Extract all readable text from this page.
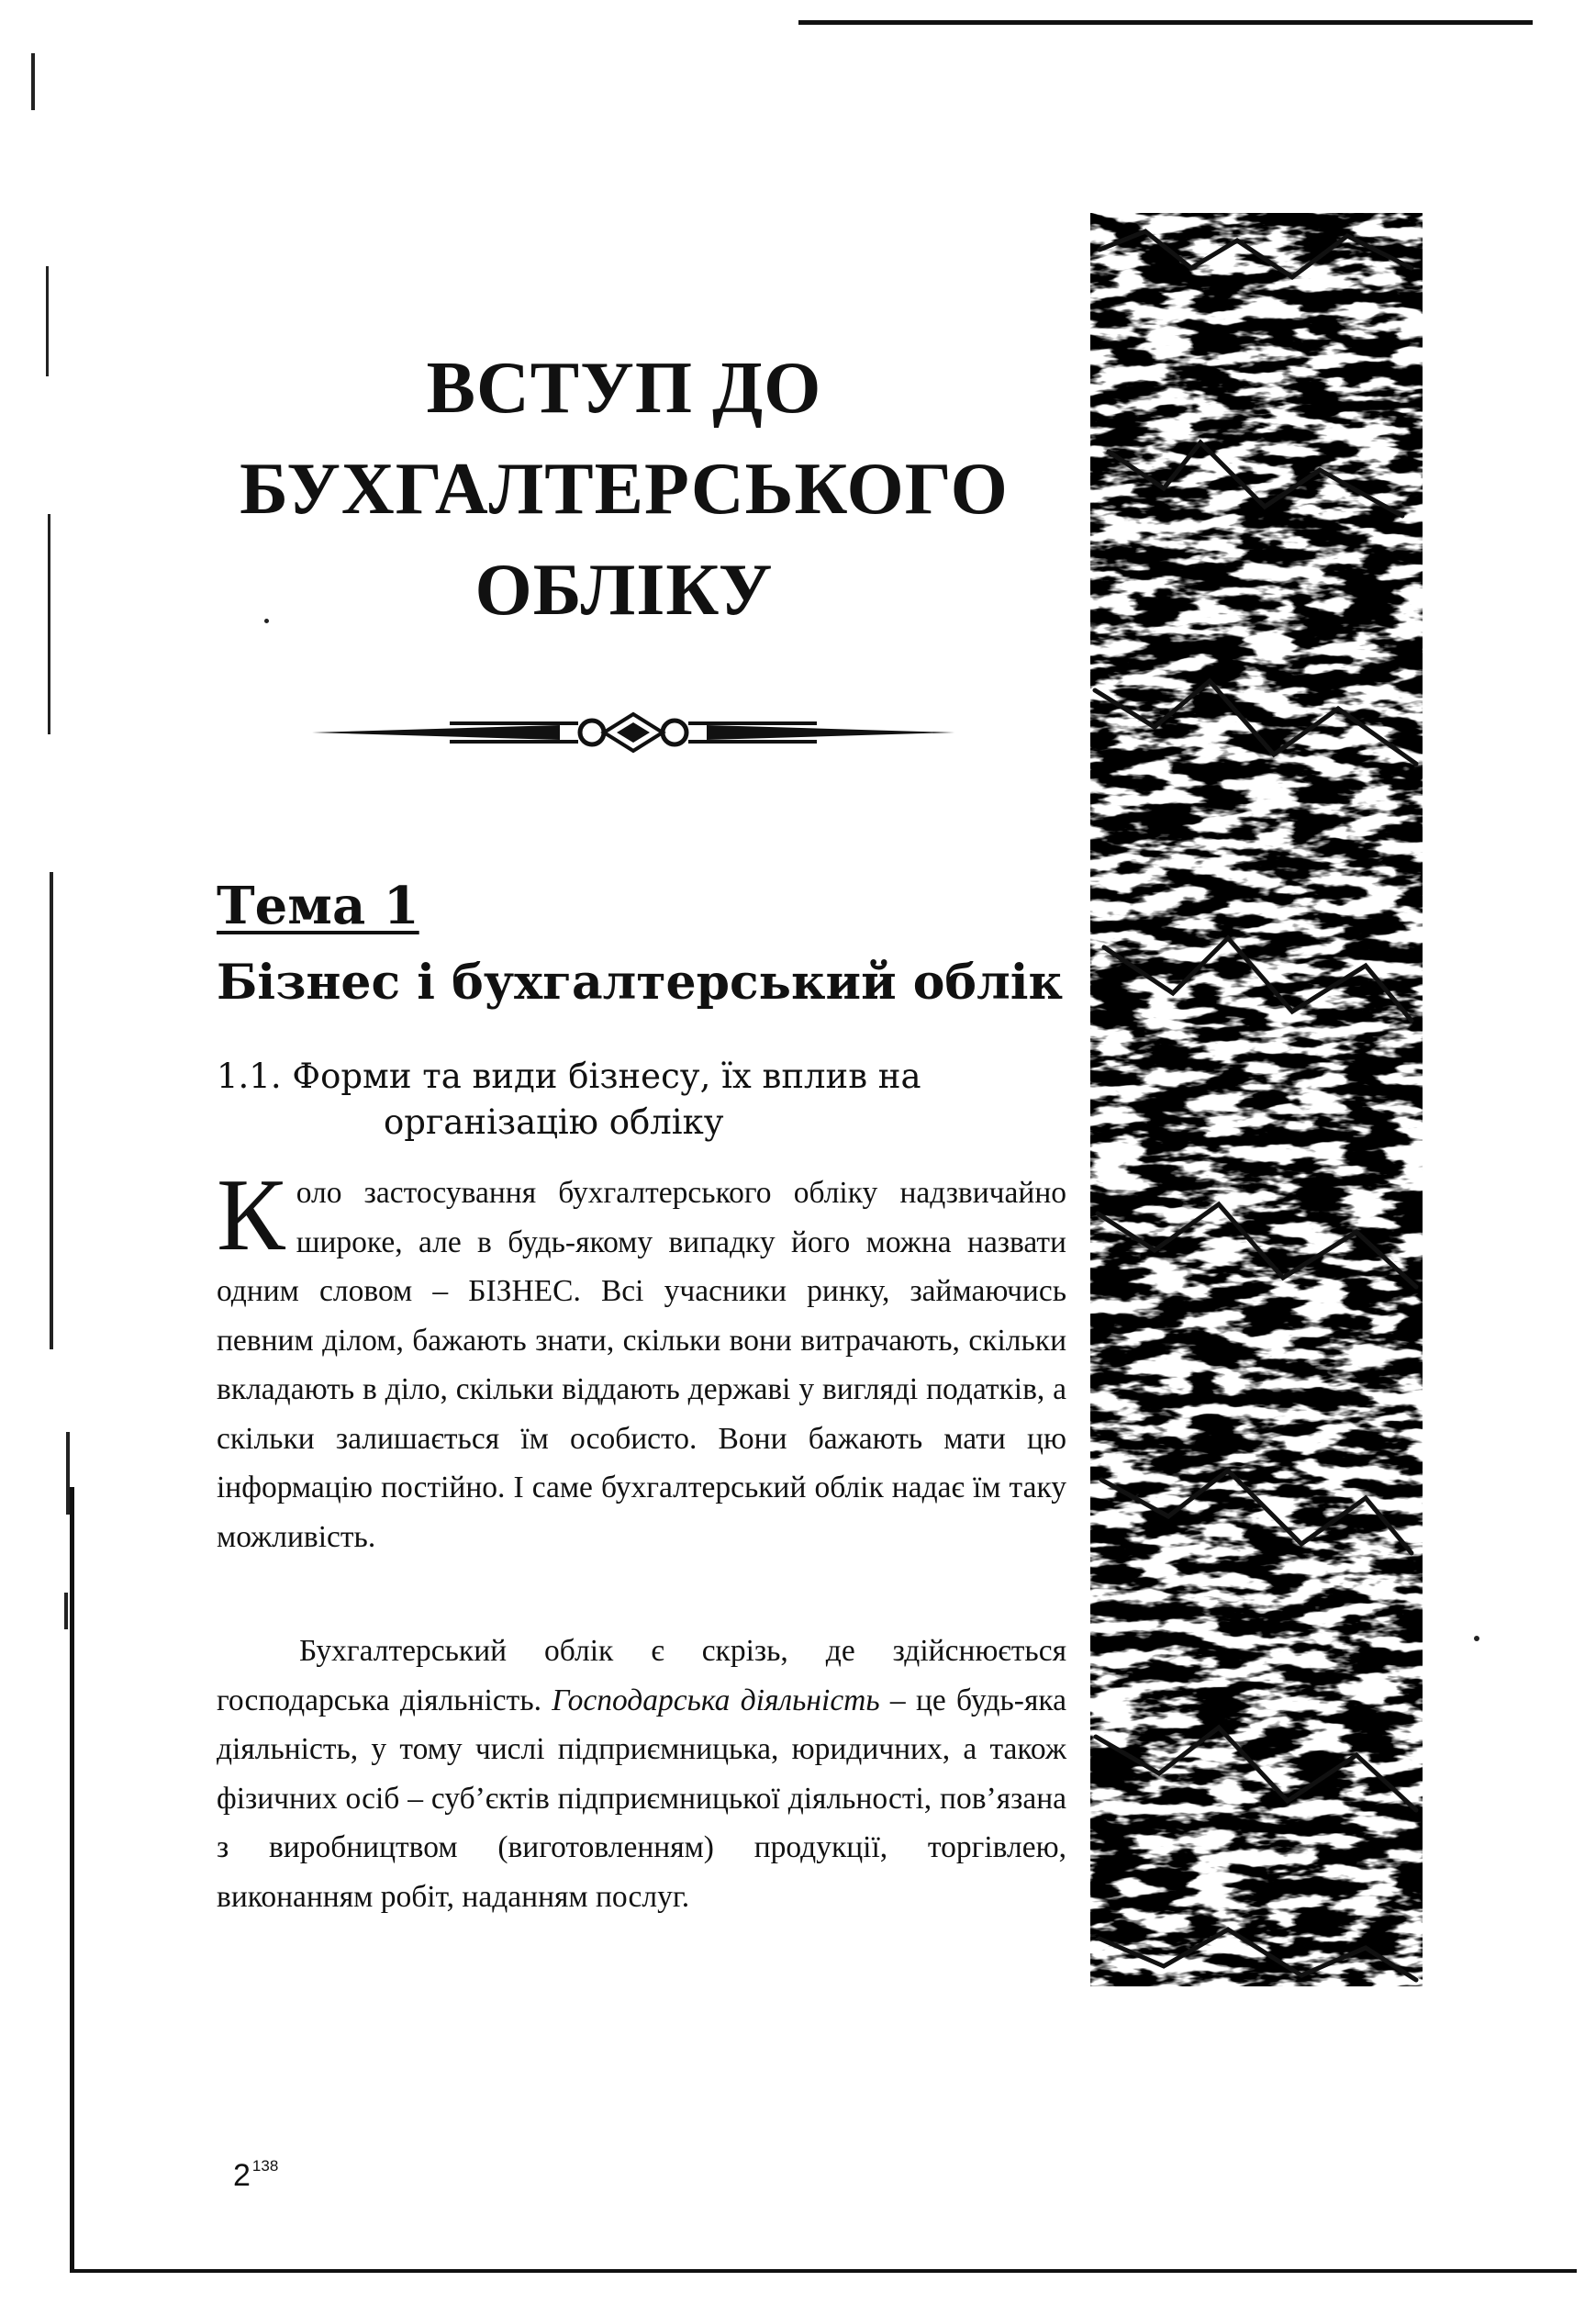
ВСТУП ДО
БУХГАЛТЕРСЬКОГО
ОБЛІКУ
Тема 1
Бізнес і бухгалтерський облік
1.1. Форми та види бізнесу, їх вплив на
організацію обліку

К оло застосування бухгалтерського обліку надзвичайно широке, але в будь-якому випадку його можна назвати одним словом – БІЗНЕС. Всі учасники ринку, займаючись певним ділом, бажають знати, скільки вони витрачають, скільки вкладають в діло, скільки віддають державі у вигляді податків, а скільки залишається їм особисто. Вони бажають мати цю інформацію постійно. І саме бухгалтерський облік надає їм таку можливість.

Бухгалтерський облік є скрізь, де здійснюється господарська діяльність. Господарська діяльність – це будь-яка діяльність, у тому числі підприємницька, юридичних, а також фізичних осіб – суб’єктів підприємницької діяльності, пов’язана з виробництвом (виготовленням) продукції, торгівлею, виконанням робіт, наданням послуг.

2 $^{138}$
